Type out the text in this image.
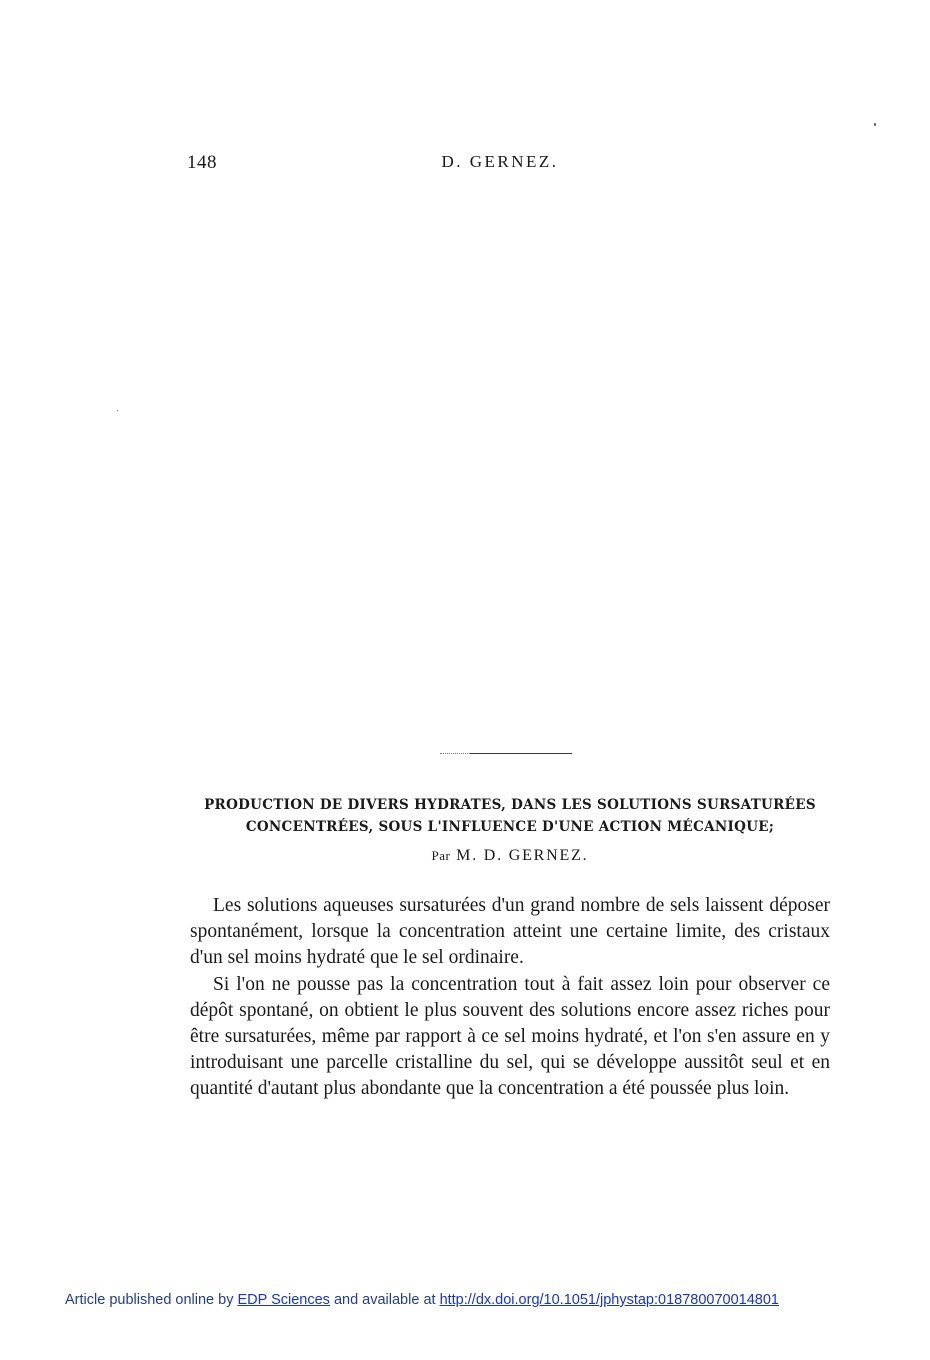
148	D. GERNEZ.
PRODUCTION DE DIVERS HYDRATES, DANS LES SOLUTIONS SURSATURÉES
CONCENTRÉES, SOUS L'INFLUENCE D'UNE ACTION MÉCANIQUE;
Par M. D. GERNEZ.

Les solutions aqueuses sursaturées d'un grand nombre de sels laissent déposer spontanément, lorsque la concentration atteint une certaine limite, des cristaux d'un sel moins hydraté que le sel ordinaire.

Si l'on ne pousse pas la concentration tout à fait assez loin pour observer ce dépôt spontané, on obtient le plus souvent des solutions encore assez riches pour être sursaturées, même par rapport à ce sel moins hydraté, et l'on s'en assure en y introduisant une parcelle cristalline du sel, qui se développe aussitôt seul et en quantité d'autant plus abondante que la concentration a été poussée plus loin.

Article published online by EDP Sciences and available at http://dx.doi.org/10.1051/jphystap:018780070014801
